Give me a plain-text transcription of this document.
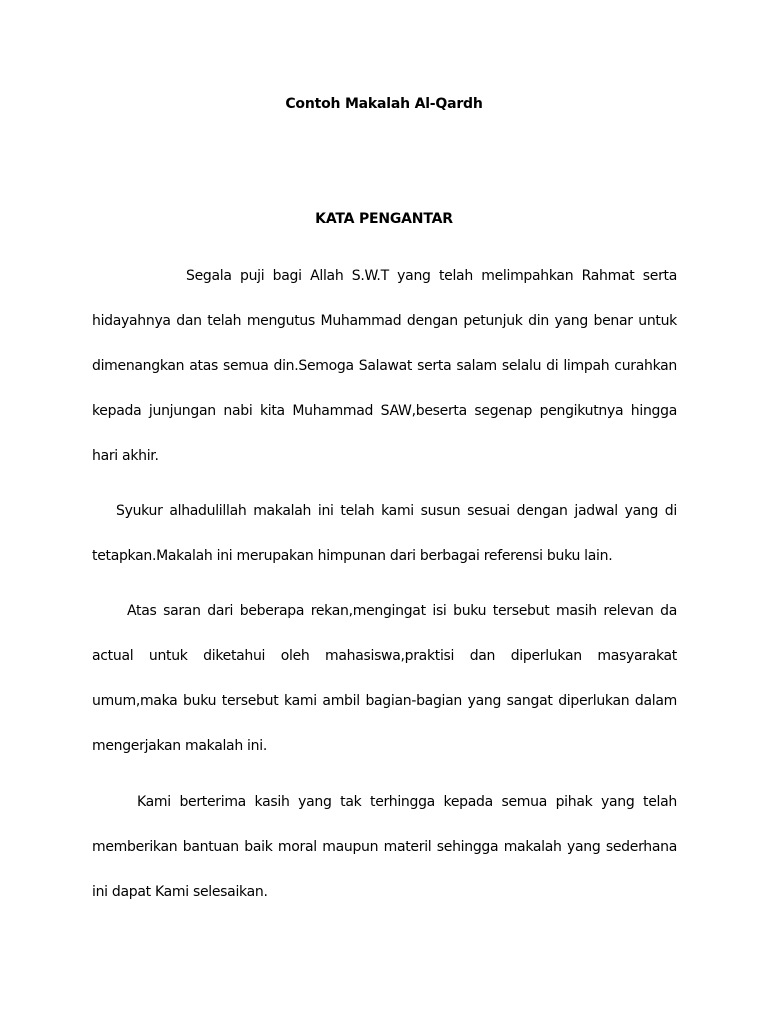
Contoh Makalah Al-Qardh
KATA PENGANTAR
Segala puji bagi Allah S.W.T yang telah melimpahkan Rahmat serta hidayahnya dan telah mengutus Muhammad dengan petunjuk din yang benar untuk dimenangkan atas semua din.Semoga Salawat serta salam selalu di limpah curahkan kepada junjungan nabi kita Muhammad SAW,beserta segenap pengikutnya hingga hari akhir.
Syukur alhadulillah makalah ini telah kami susun sesuai dengan jadwal yang di tetapkan.Makalah ini merupakan himpunan dari berbagai referensi buku lain.
Atas saran dari beberapa rekan,mengingat isi buku tersebut masih relevan da actual untuk diketahui oleh mahasiswa,praktisi dan diperlukan masyarakat umum,maka buku tersebut kami ambil bagian-bagian yang sangat diperlukan dalam mengerjakan makalah ini.
Kami berterima kasih yang tak terhingga kepada semua pihak yang telah memberikan bantuan baik moral maupun materil sehingga makalah yang sederhana ini dapat Kami selesaikan.
